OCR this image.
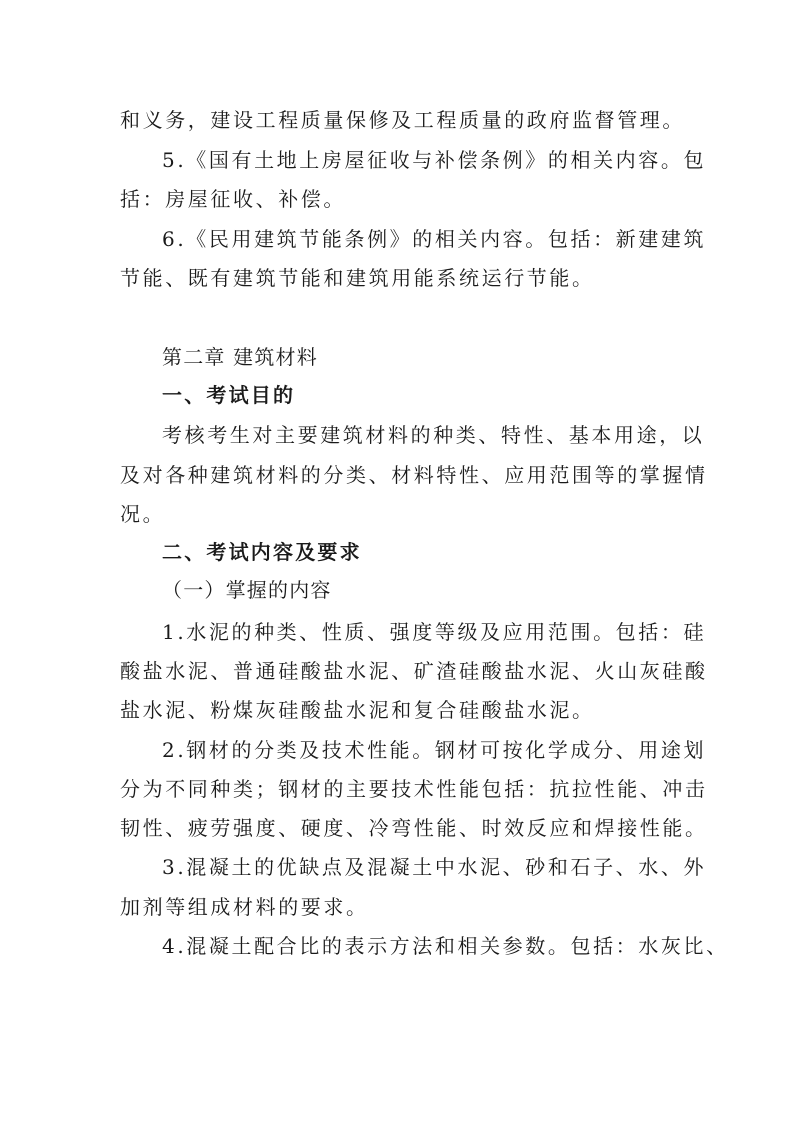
和义务，建设工程质量保修及工程质量的政府监督管理。
5.《国有土地上房屋征收与补偿条例》的相关内容。包
括：房屋征收、补偿。
6.《民用建筑节能条例》的相关内容。包括：新建建筑
节能、既有建筑节能和建筑用能系统运行节能。
第二章 建筑材料
一、考试目的
考核考生对主要建筑材料的种类、特性、基本用途，以
及对各种建筑材料的分类、材料特性、应用范围等的掌握情
况。
二、考试内容及要求
（一）掌握的内容
1.水泥的种类、性质、强度等级及应用范围。包括：硅
酸盐水泥、普通硅酸盐水泥、矿渣硅酸盐水泥、火山灰硅酸
盐水泥、粉煤灰硅酸盐水泥和复合硅酸盐水泥。
2.钢材的分类及技术性能。钢材可按化学成分、用途划
分为不同种类；钢材的主要技术性能包括：抗拉性能、冲击
韧性、疲劳强度、硬度、冷弯性能、时效反应和焊接性能。
3.混凝土的优缺点及混凝土中水泥、砂和石子、水、外
加剂等组成材料的要求。
4.混凝土配合比的表示方法和相关参数。包括：水灰比、
